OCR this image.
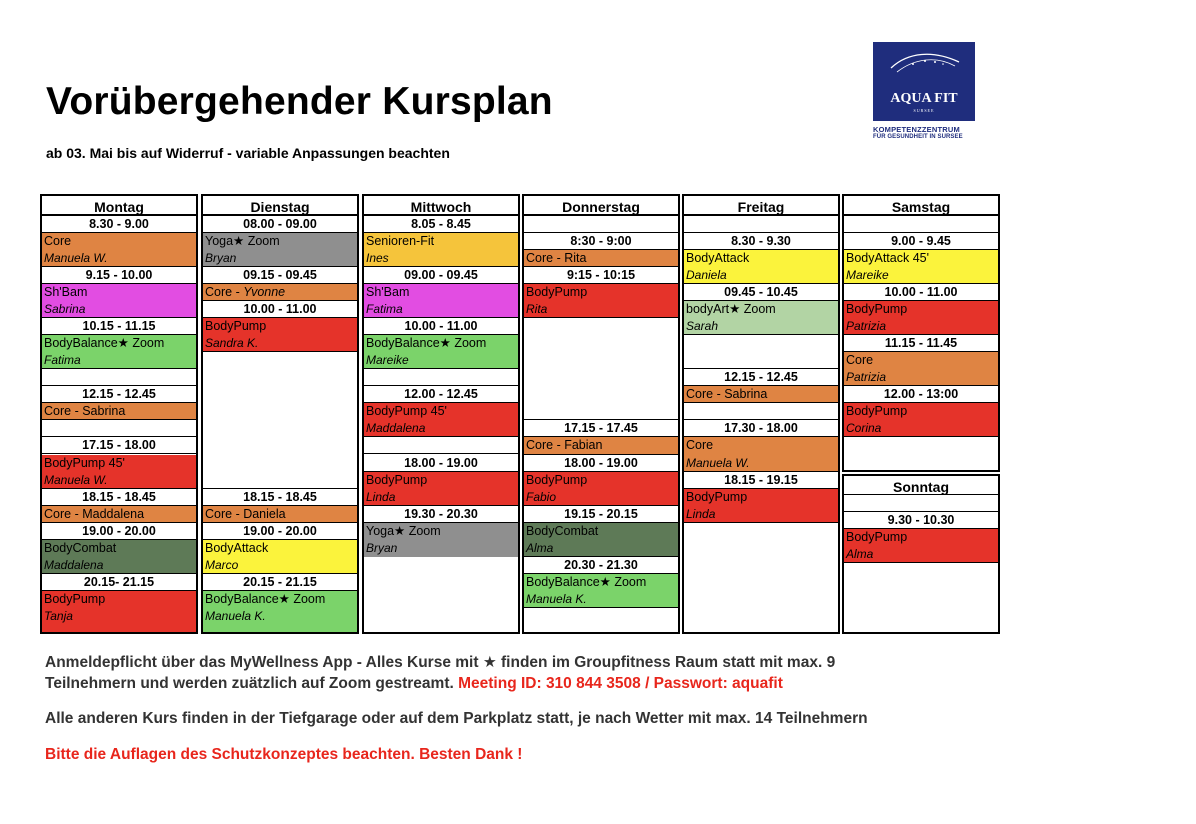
Vorübergehender Kursplan
ab 03. Mai bis auf Widerruf - variable Anpassungen beachten
AQUA FIT
SURSEE
KOMPETENZZENTRUM
FÜR GESUNDHEIT IN SURSEE
Montag
8.30 - 9.00
Core
Manuela W.
9.15 - 10.00
Sh'Bam
Sabrina
10.15 - 11.15
BodyBalance★ Zoom
Fatima
12.15 - 12.45
Core - Sabrina
17.15 - 18.00
BodyPump 45'
Manuela W.
18.15 - 18.45
Core - Maddalena
19.00 - 20.00
BodyCombat
Maddalena
20.15- 21.15
BodyPump
Tanja
Dienstag
08.00 - 09.00
Yoga★ Zoom
Bryan
09.15 - 09.45
Core - Yvonne
10.00 - 11.00
BodyPump
Sandra K.
18.15 - 18.45
Core - Daniela
19.00 - 20.00
BodyAttack
Marco
20.15 - 21.15
BodyBalance★ Zoom
Manuela K.
Mittwoch
8.05 - 8.45
Senioren-Fit
Ines
09.00 - 09.45
Sh'Bam
Fatima
10.00 - 11.00
BodyBalance★ Zoom
Mareike
12.00 - 12.45
BodyPump 45'
Maddalena
18.00 - 19.00
BodyPump
Linda
19.30 - 20.30
Yoga★ Zoom
Bryan
Donnerstag
8:30 - 9:00
Core - Rita
9:15 - 10:15
BodyPump
Rita
17.15 - 17.45
Core - Fabian
18.00 - 19.00
BodyPump
Fabio
19.15 - 20.15
BodyCombat
Alma
20.30 - 21.30
BodyBalance★ Zoom
Manuela K.
Freitag
8.30 - 9.30
BodyAttack
Daniela
09.45 - 10.45
bodyArt★ Zoom
Sarah
12.15 - 12.45
Core - Sabrina
17.30 - 18.00
Core
Manuela W.
18.15 - 19.15
BodyPump
Linda
Samstag
9.00 - 9.45
BodyAttack 45'
Mareike
10.00 - 11.00
BodyPump
Patrizia
11.15 - 11.45
Core
Patrizia
12.00 - 13:00
BodyPump
Corina
Sonntag
9.30 - 10.30
BodyPump
Alma
Anmeldepflicht über das MyWellness App - Alles Kurse mit ★ finden im Groupfitness Raum statt mit max. 9
Teilnehmern und werden zuätzlich auf Zoom gestreamt. Meeting ID: 310 844 3508 / Passwort: aquafit
Alle anderen Kurs finden in der Tiefgarage oder auf dem Parkplatz statt, je nach Wetter mit max. 14 Teilnehmern
Bitte die Auflagen des Schutzkonzeptes beachten. Besten Dank !
